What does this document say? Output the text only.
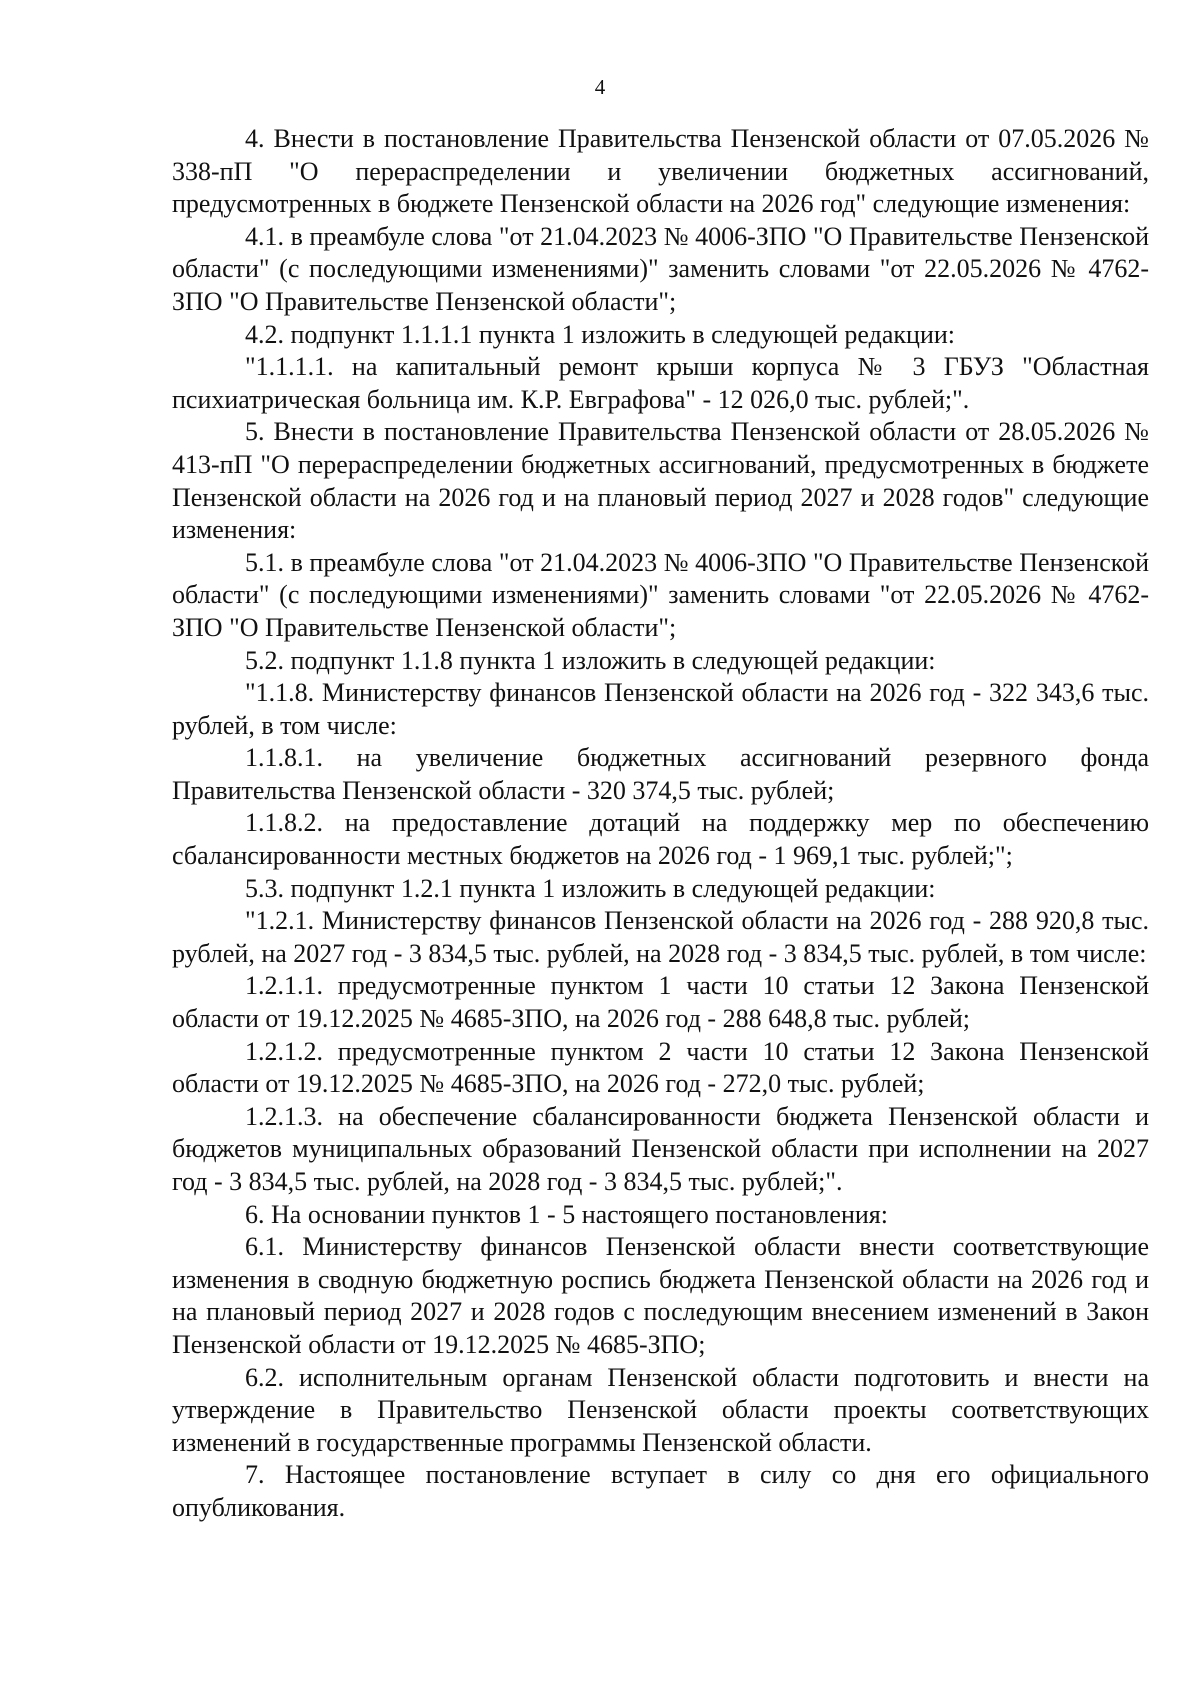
4

4. Внести в постановление Правительства Пензенской области от 07.05.2026 № 338-пП "О перераспределении и увеличении бюджетных ассигнований, предусмотренных в бюджете Пензенской области на 2026 год" следующие изменения:

4.1. в преамбуле слова "от 21.04.2023 № 4006-ЗПО "О Правительстве Пензенской области" (с последующими изменениями)" заменить словами "от 22.05.2026 № 4762-ЗПО "О Правительстве Пензенской области";

4.2. подпункт 1.1.1.1 пункта 1 изложить в следующей редакции:

"1.1.1.1. на капитальный ремонт крыши корпуса № 3 ГБУЗ "Областная психиатрическая больница им. К.Р. Евграфова" - 12 026,0 тыс. рублей;".

5. Внести в постановление Правительства Пензенской области от 28.05.2026 № 413-пП "О перераспределении бюджетных ассигнований, предусмотренных в бюджете Пензенской области на 2026 год и на плановый период 2027 и 2028 годов" следующие изменения:

5.1. в преамбуле слова "от 21.04.2023 № 4006-ЗПО "О Правительстве Пензенской области" (с последующими изменениями)" заменить словами "от 22.05.2026 № 4762-ЗПО "О Правительстве Пензенской области";

5.2. подпункт 1.1.8 пункта 1 изложить в следующей редакции:

"1.1.8. Министерству финансов Пензенской области на 2026 год - 322 343,6 тыс. рублей, в том числе:

1.1.8.1. на увеличение бюджетных ассигнований резервного фонда Правительства Пензенской области - 320 374,5 тыс. рублей;

1.1.8.2. на предоставление дотаций на поддержку мер по обеспечению сбалансированности местных бюджетов на 2026 год - 1 969,1 тыс. рублей;";

5.3. подпункт 1.2.1 пункта 1 изложить в следующей редакции:

"1.2.1. Министерству финансов Пензенской области на 2026 год - 288 920,8 тыс. рублей, на 2027 год - 3 834,5 тыс. рублей, на 2028 год - 3 834,5 тыс. рублей, в том числе:

1.2.1.1. предусмотренные пунктом 1 части 10 статьи 12 Закона Пензенской области от 19.12.2025 № 4685-ЗПО, на 2026 год - 288 648,8 тыс. рублей;

1.2.1.2. предусмотренные пунктом 2 части 10 статьи 12 Закона Пензенской области от 19.12.2025 № 4685-ЗПО, на 2026 год - 272,0 тыс. рублей;

1.2.1.3. на обеспечение сбалансированности бюджета Пензенской области и бюджетов муниципальных образований Пензенской области при исполнении на 2027 год - 3 834,5 тыс. рублей, на 2028 год - 3 834,5 тыс. рублей;".

6. На основании пунктов 1 - 5 настоящего постановления:

6.1. Министерству финансов Пензенской области внести соответствующие изменения в сводную бюджетную роспись бюджета Пензенской области на 2026 год и на плановый период 2027 и 2028 годов с последующим внесением изменений в Закон Пензенской области от 19.12.2025 № 4685-ЗПО;

6.2. исполнительным органам Пензенской области подготовить и внести на утверждение в Правительство Пензенской области проекты соответствующих изменений в государственные программы Пензенской области.

7. Настоящее постановление вступает в силу со дня его официального опубликования.
